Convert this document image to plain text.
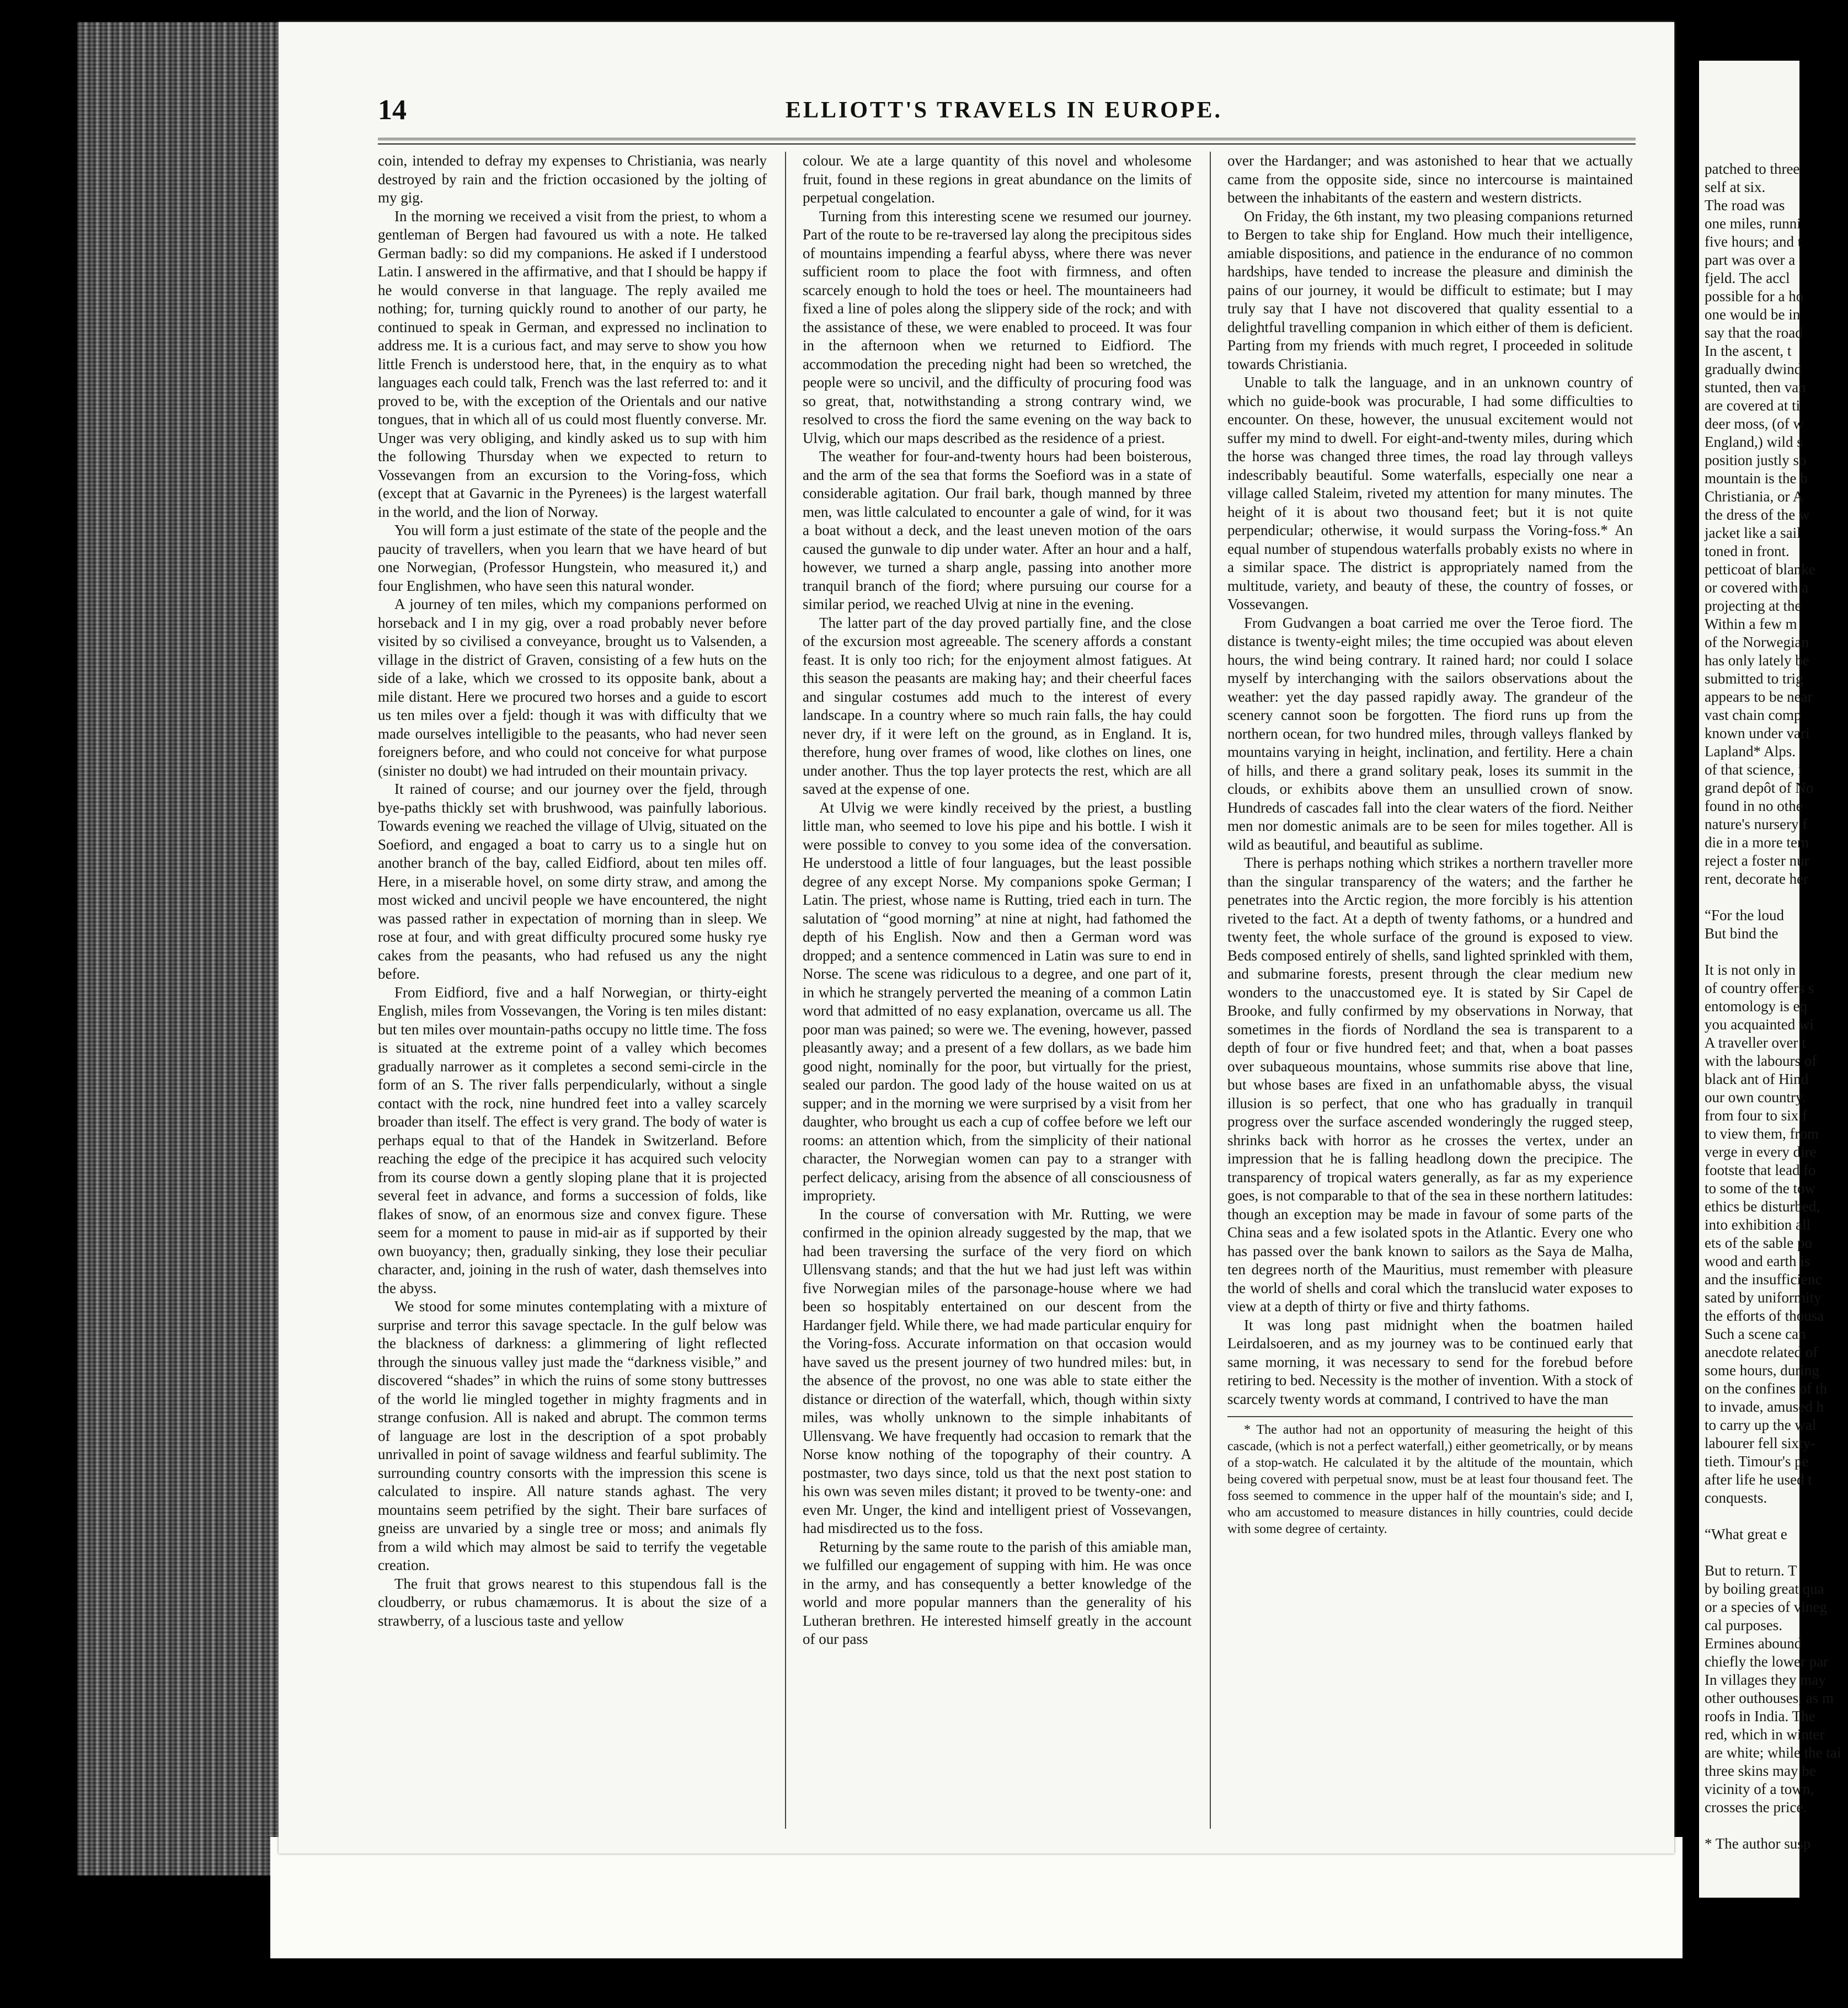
14	ELLIOTT'S TRAVELS IN EUROPE.

coin, intended to defray my expenses to Christiania, was nearly destroyed by rain and the friction occasioned by the jolting of my gig.

In the morning we received a visit from the priest, to whom a gentleman of Bergen had favoured us with a note. He talked German badly: so did my companions. He asked if I understood Latin. I answered in the affirmative, and that I should be happy if he would converse in that language. The reply availed me nothing; for, turning quickly round to another of our party, he continued to speak in German, and expressed no inclination to address me. It is a curious fact, and may serve to show you how little French is understood here, that, in the enquiry as to what languages each could talk, French was the last referred to: and it proved to be, with the exception of the Orientals and our native tongues, that in which all of us could most fluently converse. Mr. Unger was very obliging, and kindly asked us to sup with him the following Thursday when we expected to return to Vossevangen from an excursion to the Voring-foss, which (except that at Gavarnic in the Pyrenees) is the largest waterfall in the world, and the lion of Norway.

You will form a just estimate of the state of the people and the paucity of travellers, when you learn that we have heard of but one Norwegian, (Professor Hungstein, who measured it,) and four Englishmen, who have seen this natural wonder.

A journey of ten miles, which my companions performed on horseback and I in my gig, over a road probably never before visited by so civilised a conveyance, brought us to Valsenden, a village in the district of Graven, consisting of a few huts on the side of a lake, which we crossed to its opposite bank, about a mile distant. Here we procured two horses and a guide to escort us ten miles over a fjeld: though it was with difficulty that we made ourselves intelligible to the peasants, who had never seen foreigners before, and who could not conceive for what purpose (sinister no doubt) we had intruded on their mountain privacy.

It rained of course; and our journey over the fjeld, through bye-paths thickly set with brushwood, was painfully laborious. Towards evening we reached the village of Ulvig, situated on the Soefiord, and engaged a boat to carry us to a single hut on another branch of the bay, called Eidfiord, about ten miles off. Here, in a miserable hovel, on some dirty straw, and among the most wicked and uncivil people we have encountered, the night was passed rather in expectation of morning than in sleep. We rose at four, and with great difficulty procured some husky rye cakes from the peasants, who had refused us any the night before.

From Eidfiord, five and a half Norwegian, or thirty-eight English, miles from Vossevangen, the Voring is ten miles distant: but ten miles over mountain-paths occupy no little time. The foss is situated at the extreme point of a valley which becomes gradually narrower as it completes a second semi-circle in the form of an S. The river falls perpendicularly, without a single contact with the rock, nine hundred feet into a valley scarcely broader than itself. The effect is very grand. The body of water is perhaps equal to that of the Handek in Switzerland. Before reaching the edge of the precipice it has acquired such velocity from its course down a gently sloping plane that it is projected several feet in advance, and forms a succession of folds, like flakes of snow, of an enormous size and convex figure. These seem for a moment to pause in mid-air as if supported by their own buoyancy; then, gradually sinking, they lose their peculiar character, and, joining in the rush of water, dash themselves into the abyss.

We stood for some minutes contemplating with a mixture of surprise and terror this savage spectacle. In the gulf below was the blackness of darkness: a glimmering of light reflected through the sinuous valley just made the “darkness visible,” and discovered “shades” in which the ruins of some stony buttresses of the world lie mingled together in mighty fragments and in strange confusion. All is naked and abrupt. The common terms of language are lost in the description of a spot probably unrivalled in point of savage wildness and fearful sublimity. The surrounding country consorts with the impression this scene is calculated to inspire. All nature stands aghast. The very mountains seem petrified by the sight. Their bare surfaces of gneiss are unvaried by a single tree or moss; and animals fly from a wild which may almost be said to terrify the vegetable creation.

The fruit that grows nearest to this stupendous fall is the cloudberry, or rubus chamæmorus. It is about the size of a strawberry, of a luscious taste and yellow

colour. We ate a large quantity of this novel and wholesome fruit, found in these regions in great abundance on the limits of perpetual congelation.

Turning from this interesting scene we resumed our journey. Part of the route to be re-traversed lay along the precipitous sides of mountains impending a fearful abyss, where there was never sufficient room to place the foot with firmness, and often scarcely enough to hold the toes or heel. The mountaineers had fixed a line of poles along the slippery side of the rock; and with the assistance of these, we were enabled to proceed. It was four in the afternoon when we returned to Eidfiord. The accommodation the preceding night had been so wretched, the people were so uncivil, and the difficulty of procuring food was so great, that, notwithstanding a strong contrary wind, we resolved to cross the fiord the same evening on the way back to Ulvig, which our maps described as the residence of a priest.

The weather for four-and-twenty hours had been boisterous, and the arm of the sea that forms the Soefiord was in a state of considerable agitation. Our frail bark, though manned by three men, was little calculated to encounter a gale of wind, for it was a boat without a deck, and the least uneven motion of the oars caused the gunwale to dip under water. After an hour and a half, however, we turned a sharp angle, passing into another more tranquil branch of the fiord; where pursuing our course for a similar period, we reached Ulvig at nine in the evening.

The latter part of the day proved partially fine, and the close of the excursion most agreeable. The scenery affords a constant feast. It is only too rich; for the enjoyment almost fatigues. At this season the peasants are making hay; and their cheerful faces and singular costumes add much to the interest of every landscape. In a country where so much rain falls, the hay could never dry, if it were left on the ground, as in England. It is, therefore, hung over frames of wood, like clothes on lines, one under another. Thus the top layer protects the rest, which are all saved at the expense of one.

At Ulvig we were kindly received by the priest, a bustling little man, who seemed to love his pipe and his bottle. I wish it were possible to convey to you some idea of the conversation. He understood a little of four languages, but the least possible degree of any except Norse. My companions spoke German; I Latin. The priest, whose name is Rutting, tried each in turn. The salutation of “good morning” at nine at night, had fathomed the depth of his English. Now and then a German word was dropped; and a sentence commenced in Latin was sure to end in Norse. The scene was ridiculous to a degree, and one part of it, in which he strangely perverted the meaning of a common Latin word that admitted of no easy explanation, overcame us all. The poor man was pained; so were we. The evening, however, passed pleasantly away; and a present of a few dollars, as we bade him good night, nominally for the poor, but virtually for the priest, sealed our pardon. The good lady of the house waited on us at supper; and in the morning we were surprised by a visit from her daughter, who brought us each a cup of coffee before we left our rooms: an attention which, from the simplicity of their national character, the Norwegian women can pay to a stranger with perfect delicacy, arising from the absence of all consciousness of impropriety.

In the course of conversation with Mr. Rutting, we were confirmed in the opinion already suggested by the map, that we had been traversing the surface of the very fiord on which Ullensvang stands; and that the hut we had just left was within five Norwegian miles of the parsonage-house where we had been so hospitably entertained on our descent from the Hardanger fjeld. While there, we had made particular enquiry for the Voring-foss. Accurate information on that occasion would have saved us the present journey of two hundred miles: but, in the absence of the provost, no one was able to state either the distance or direction of the waterfall, which, though within sixty miles, was wholly unknown to the simple inhabitants of Ullensvang. We have frequently had occasion to remark that the Norse know nothing of the topography of their country. A postmaster, two days since, told us that the next post station to his own was seven miles distant; it proved to be twenty-one: and even Mr. Unger, the kind and intelligent priest of Vossevangen, had misdirected us to the foss.

Returning by the same route to the parish of this amiable man, we fulfilled our engagement of supping with him. He was once in the army, and has consequently a better knowledge of the world and more popular manners than the generality of his Lutheran brethren. He interested himself greatly in the account of our pass

over the Hardanger; and was astonished to hear that we actually came from the opposite side, since no intercourse is maintained between the inhabitants of the eastern and western districts.

On Friday, the 6th instant, my two pleasing companions returned to Bergen to take ship for England. How much their intelligence, amiable dispositions, and patience in the endurance of no common hardships, have tended to increase the pleasure and diminish the pains of our journey, it would be difficult to estimate; but I may truly say that I have not discovered that quality essential to a delightful travelling companion in which either of them is deficient. Parting from my friends with much regret, I proceeded in solitude towards Christiania.

Unable to talk the language, and in an unknown country of which no guide-book was procurable, I had some difficulties to encounter. On these, however, the unusual excitement would not suffer my mind to dwell. For eight-and-twenty miles, during which the horse was changed three times, the road lay through valleys indescribably beautiful. Some waterfalls, especially one near a village called Staleim, riveted my attention for many minutes. The height of it is about two thousand feet; but it is not quite perpendicular; otherwise, it would surpass the Voring-foss.* An equal number of stupendous waterfalls probably exists no where in a similar space. The district is appropriately named from the multitude, variety, and beauty of these, the country of fosses, or Vossevangen.

From Gudvangen a boat carried me over the Teroe fiord. The distance is twenty-eight miles; the time occupied was about eleven hours, the wind being contrary. It rained hard; nor could I solace myself by interchanging with the sailors observations about the weather: yet the day passed rapidly away. The grandeur of the scenery cannot soon be forgotten. The fiord runs up from the northern ocean, for two hundred miles, through valleys flanked by mountains varying in height, inclination, and fertility. Here a chain of hills, and there a grand solitary peak, loses its summit in the clouds, or exhibits above them an unsullied crown of snow. Hundreds of cascades fall into the clear waters of the fiord. Neither men nor domestic animals are to be seen for miles together. All is wild as beautiful, and beautiful as sublime.

There is perhaps nothing which strikes a northern traveller more than the singular transparency of the waters; and the farther he penetrates into the Arctic region, the more forcibly is his attention riveted to the fact. At a depth of twenty fathoms, or a hundred and twenty feet, the whole surface of the ground is exposed to view. Beds composed entirely of shells, sand lighted sprinkled with them, and submarine forests, present through the clear medium new wonders to the unaccustomed eye. It is stated by Sir Capel de Brooke, and fully confirmed by my observations in Norway, that sometimes in the fiords of Nordland the sea is transparent to a depth of four or five hundred feet; and that, when a boat passes over subaqueous mountains, whose summits rise above that line, but whose bases are fixed in an unfathomable abyss, the visual illusion is so perfect, that one who has gradually in tranquil progress over the surface ascended wonderingly the rugged steep, shrinks back with horror as he crosses the vertex, under an impression that he is falling headlong down the precipice. The transparency of tropical waters generally, as far as my experience goes, is not comparable to that of the sea in these northern latitudes: though an exception may be made in favour of some parts of the China seas and a few isolated spots in the Atlantic. Every one who has passed over the bank known to sailors as the Saya de Malha, ten degrees north of the Mauritius, must remember with pleasure the world of shells and coral which the translucid water exposes to view at a depth of thirty or five and thirty fathoms.

It was long past midnight when the boatmen hailed Leirdalsoeren, and as my journey was to be continued early that same morning, it was necessary to send for the forebud before retiring to bed. Necessity is the mother of invention. With a stock of scarcely twenty words at command, I contrived to have the man

* The author had not an opportunity of measuring the height of this cascade, (which is not a perfect waterfall,) either geometrically, or by means of a stop-watch. He calculated it by the altitude of the mountain, which being covered with perpetual snow, must be at least four thousand feet. The foss seemed to commence in the upper half of the mountain's side; and I, who am accustomed to measure distances in hilly countries, could decide with some degree of certainty.

patched to three
self at six.
The road was
one miles, runni
five hours; and t
part was over a
fjeld. The accl
possible for a ho
one would be in
say that the road
In the ascent, t
gradually dwind
stunted, then van
are covered at ti
deer moss, (of w
England,) wild s
position justly so
mountain is the b
Christiania, or A
the dress of the w
jacket like a sail
toned in front.
petticoat of blanke
or covered with a
projecting at the
Within a few m
of the Norwegian
has only lately be
submitted to trig
appears to be near
vast chain comp
known under vari
Lapland* Alps.
of that science, i
grand depôt of No
found in no othe
nature's nursery f
die in a more tem
reject a foster nur
rent, decorate her

“For the loud
But bind the

It is not only in
of country offers s
entomology is eq
you acquainted wi
A traveller over t
with the labours of
black ant of Hind
our own country.
from four to six f
to view them, from
verge in every dire
footste that lead fo
to some of the tow
ethics be disturbed,
into exhibition all
ets of the sable po
wood and earth is
and the insufficienc
sated by uniformity
the efforts of thousa
Such a scene can
anecdote related of
some hours, during
on the confines of th
to invade, amused h
to carry up the wal
labourer fell sixty-
tieth. Timour's pe
after life he used t
conquests.

“What great e

But to return. T
by boiling great qua
or a species of vineg
cal purposes.
Ermines abound
chiefly the lower par
In villages they may
other outhouses, as m
roofs in India. The
red, which in winter
are white; while the tai
three skins may be
vicinity of a town,
crosses the price.

* The author susp
